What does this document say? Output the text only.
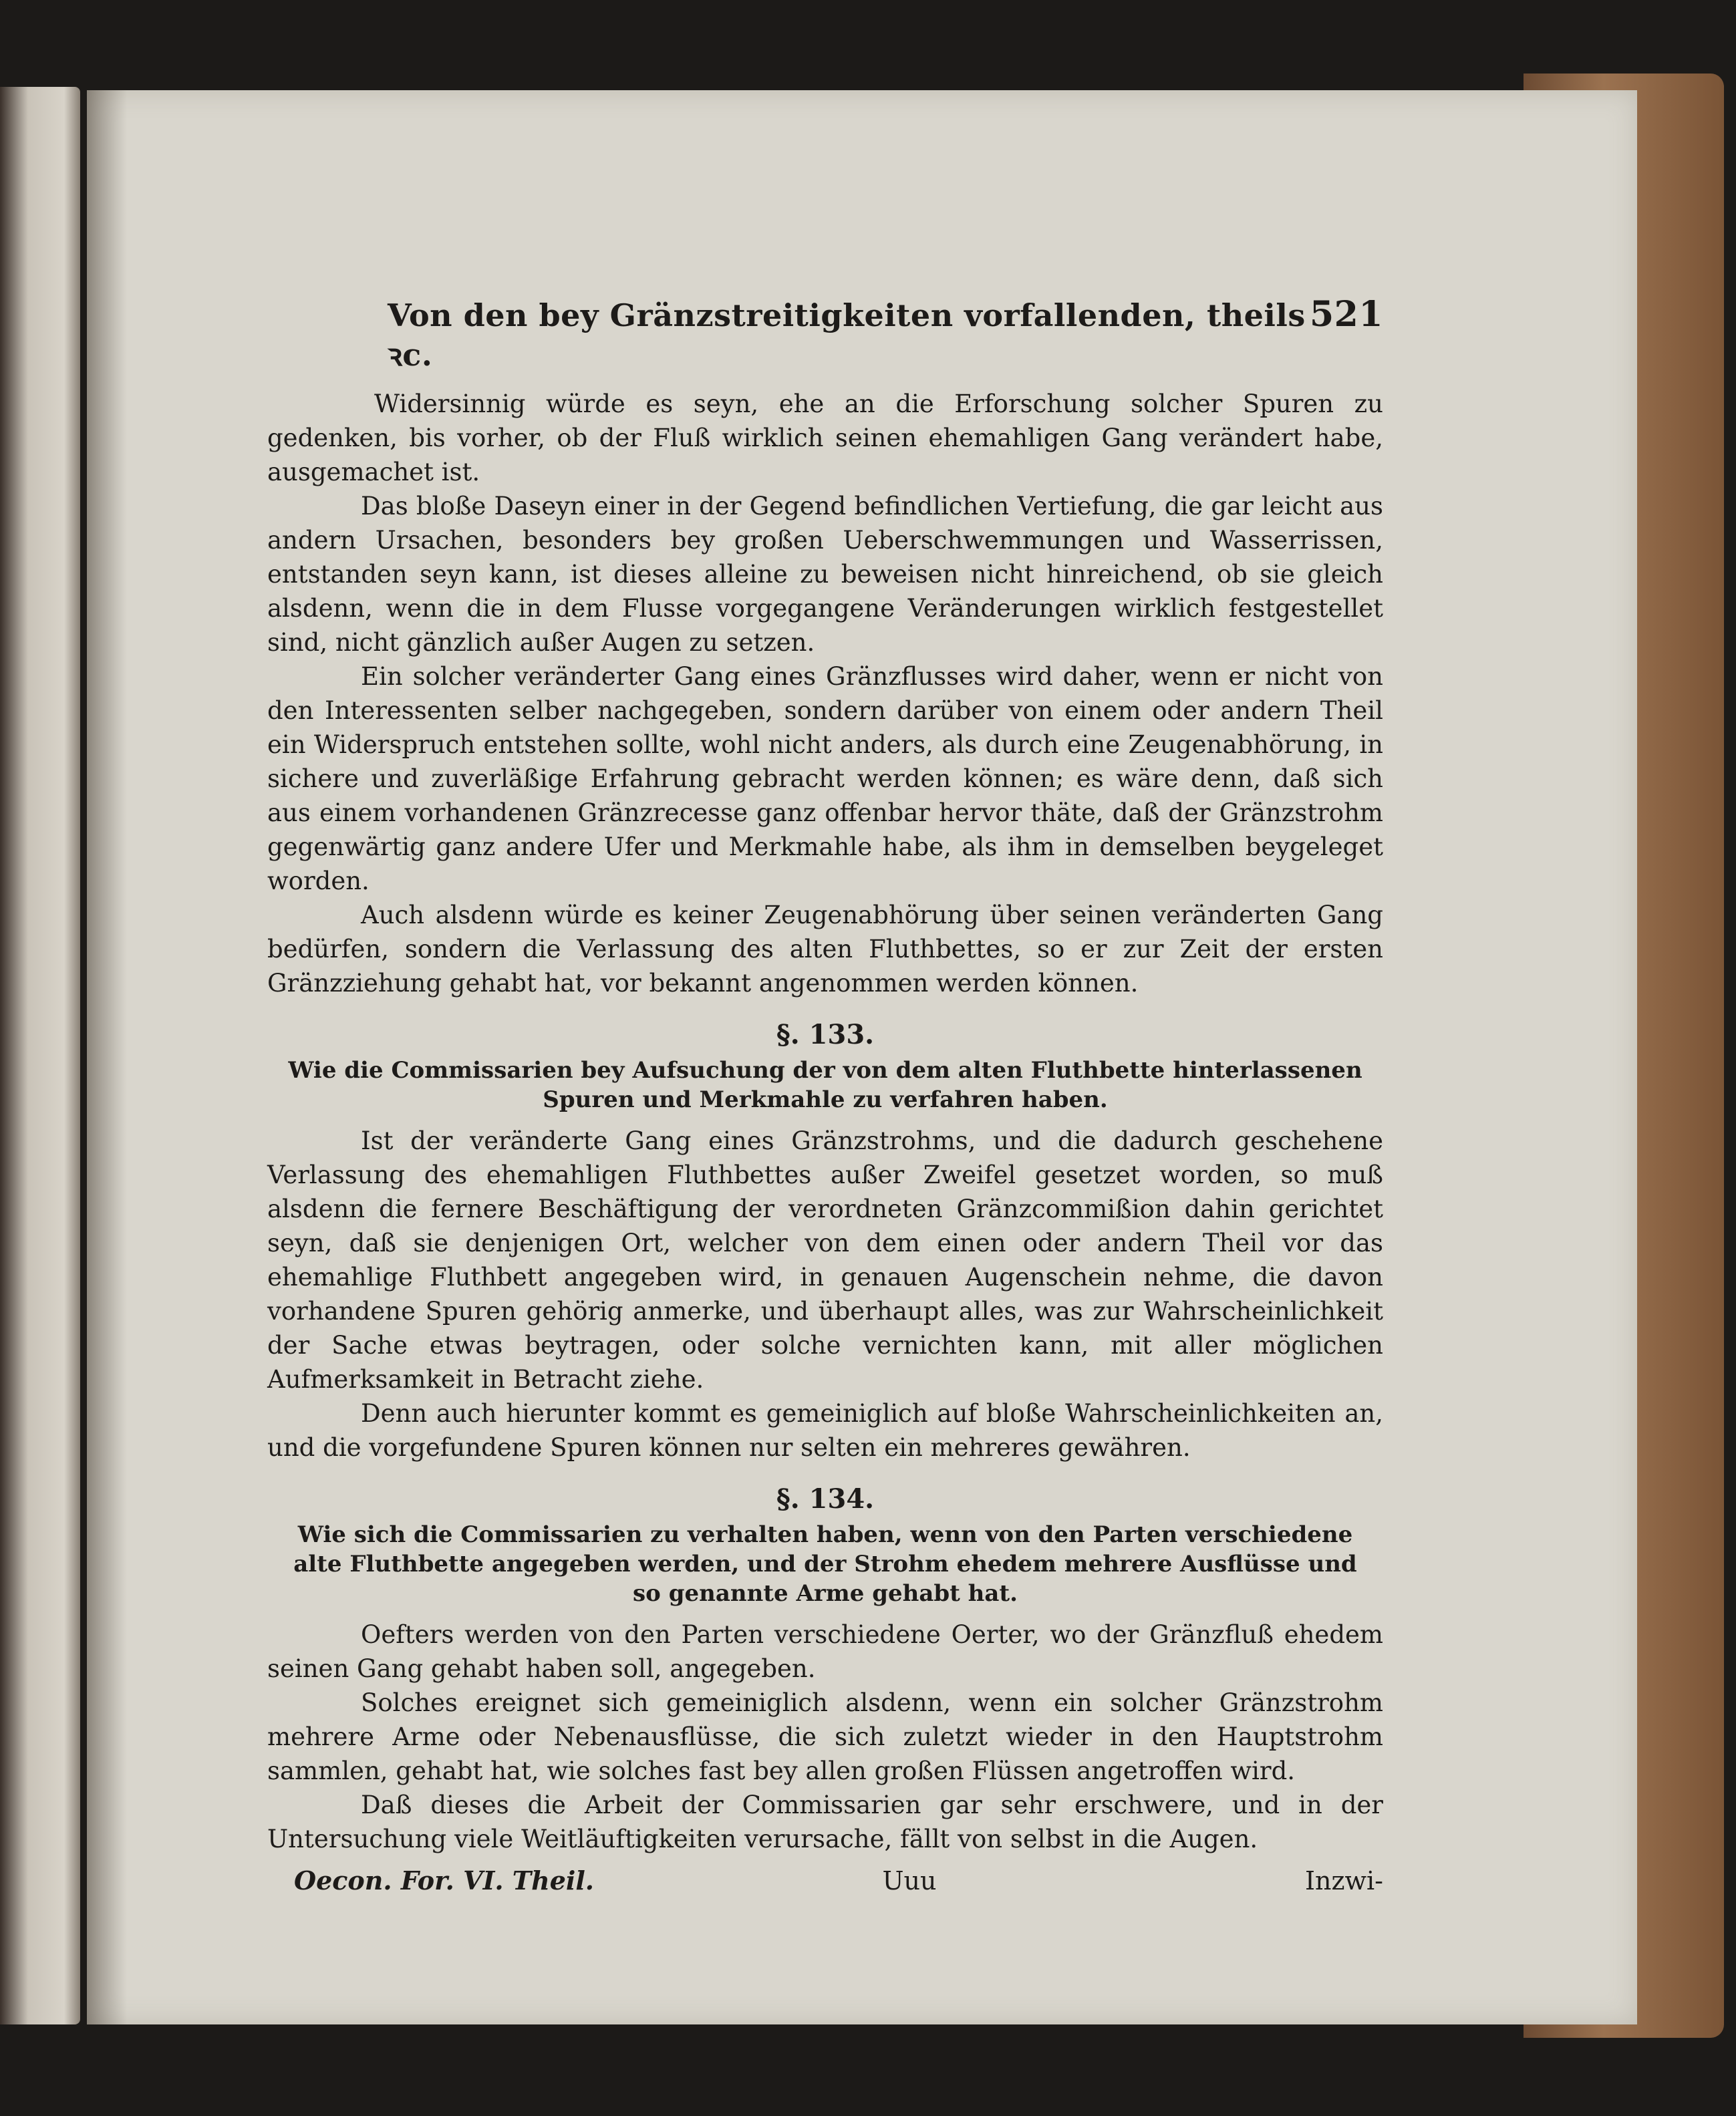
Von den bey Gränzstreitigkeiten vorfallenden, theils ꝛc.
521

Widersinnig würde es seyn, ehe an die Erforschung solcher Spuren zu gedenken, bis vorher, ob der Fluß wirklich seinen ehemahligen Gang verändert habe, ausgemachet ist.

Das bloße Daseyn einer in der Gegend befindlichen Vertiefung, die gar leicht aus andern Ursachen, besonders bey großen Ueberschwemmungen und Wasserrissen, entstanden seyn kann, ist dieses alleine zu beweisen nicht hinreichend, ob sie gleich alsdenn, wenn die in dem Flusse vorgegangene Veränderungen wirklich festgestellet sind, nicht gänzlich außer Augen zu setzen.

Ein solcher veränderter Gang eines Gränzflusses wird daher, wenn er nicht von den Interessenten selber nachgegeben, sondern darüber von einem oder andern Theil ein Widerspruch entstehen sollte, wohl nicht anders, als durch eine Zeugenabhörung, in sichere und zuverläßige Erfahrung gebracht werden können; es wäre denn, daß sich aus einem vorhandenen Gränzrecesse ganz offenbar hervor thäte, daß der Gränzstrohm gegenwärtig ganz andere Ufer und Merkmahle habe, als ihm in demselben beygeleget worden.

Auch alsdenn würde es keiner Zeugenabhörung über seinen veränderten Gang bedürfen, sondern die Verlassung des alten Fluthbettes, so er zur Zeit der ersten Gränzziehung gehabt hat, vor bekannt angenommen werden können.

§. 133.
Wie die Commissarien bey Aufsuchung der von dem alten Fluthbette hinterlassenen Spuren und Merkmahle zu verfahren haben.

Ist der veränderte Gang eines Gränzstrohms, und die dadurch geschehene Verlassung des ehemahligen Fluthbettes außer Zweifel gesetzet worden, so muß alsdenn die fernere Beschäftigung der verordneten Gränzcommißion dahin gerichtet seyn, daß sie denjenigen Ort, welcher von dem einen oder andern Theil vor das ehemahlige Fluthbett angegeben wird, in genauen Augenschein nehme, die davon vorhandene Spuren gehörig anmerke, und überhaupt alles, was zur Wahrscheinlichkeit der Sache etwas beytragen, oder solche vernichten kann, mit aller möglichen Aufmerksamkeit in Betracht ziehe.

Denn auch hierunter kommt es gemeiniglich auf bloße Wahrscheinlichkeiten an, und die vorgefundene Spuren können nur selten ein mehreres gewähren.

§. 134.
Wie sich die Commissarien zu verhalten haben, wenn von den Parten verschiedene alte Fluthbette angegeben werden, und der Strohm ehedem mehrere Ausflüsse und so genannte Arme gehabt hat.

Oefters werden von den Parten verschiedene Oerter, wo der Gränzfluß ehedem seinen Gang gehabt haben soll, angegeben.

Solches ereignet sich gemeiniglich alsdenn, wenn ein solcher Gränzstrohm mehrere Arme oder Nebenausflüsse, die sich zuletzt wieder in den Hauptstrohm sammlen, gehabt hat, wie solches fast bey allen großen Flüssen angetroffen wird.

Daß dieses die Arbeit der Commissarien gar sehr erschwere, und in der Untersuchung viele Weitläuftigkeiten verursache, fällt von selbst in die Augen.

Oecon. For. VI. Theil.	Uuu	Inzwi-
